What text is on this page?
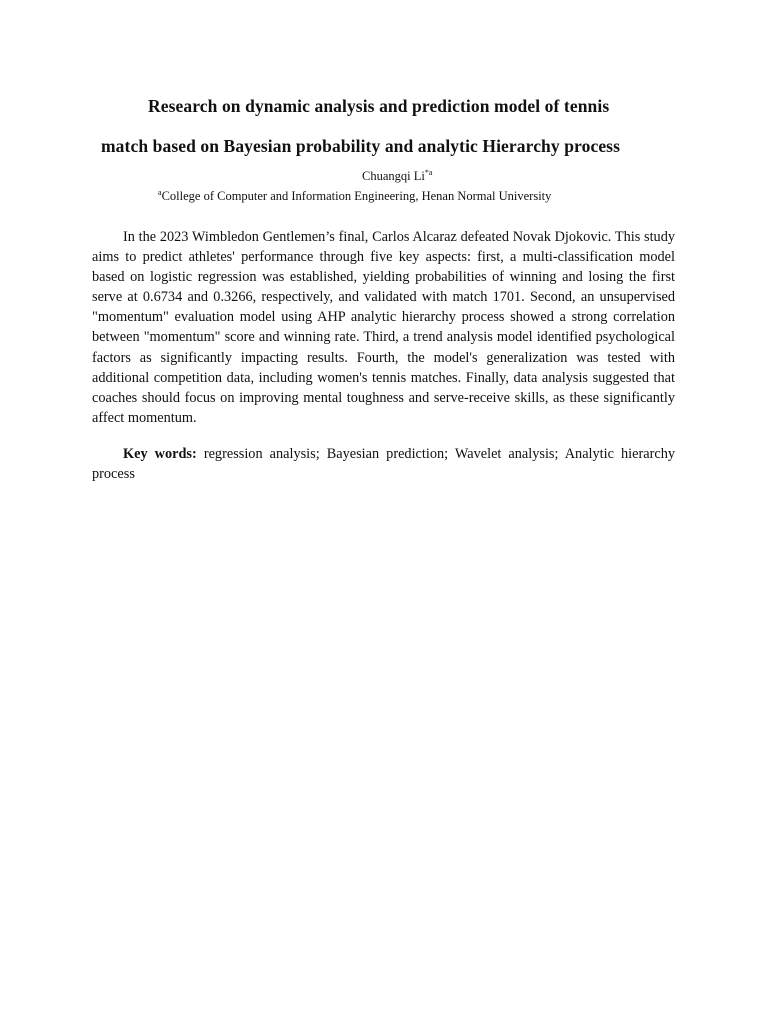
Research on dynamic analysis and prediction model of tennis
match based on Bayesian probability and analytic Hierarchy process
Chuangqi Li$^{*a}$
$^a$College of Computer and Information Engineering, Henan Normal University

In the 2023 Wimbledon Gentlemen’s final, Carlos Alcaraz defeated Novak Djokovic. This study aims to predict athletes' performance through five key aspects: first, a multi-classification model based on logistic regression was established, yielding probabilities of winning and losing the first serve at 0.6734 and 0.3266, respectively, and validated with match 1701. Second, an unsupervised "momentum" evaluation model using AHP analytic hierarchy process showed a strong correlation between "momentum" score and winning rate. Third, a trend analysis model identified psychological factors as significantly impacting results. Fourth, the model's generalization was tested with additional competition data, including women's tennis matches. Finally, data analysis suggested that coaches should focus on improving mental toughness and serve-receive skills, as these significantly affect momentum.

Key words: regression analysis; Bayesian prediction; Wavelet analysis; Analytic hierarchy process
